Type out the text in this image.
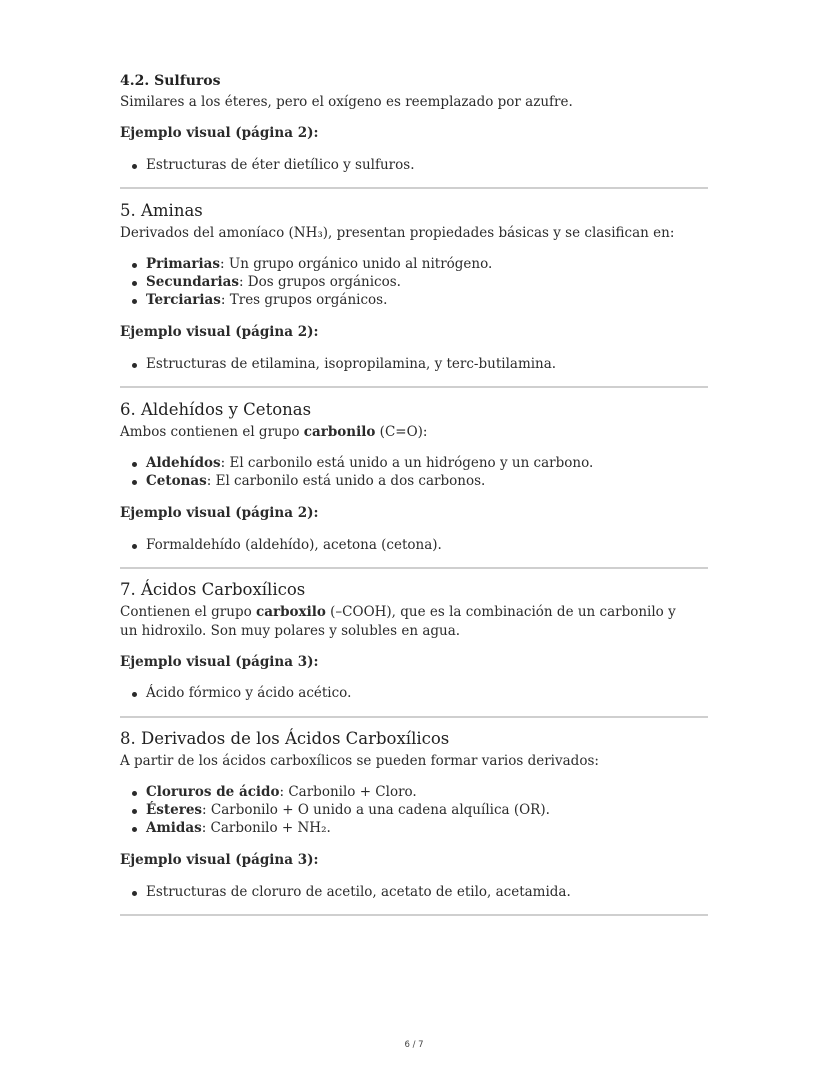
4.2. Sulfuros
Similares a los éteres, pero el oxígeno es reemplazado por azufre.
Ejemplo visual (página 2):
Estructuras de éter dietílico y sulfuros.
5. Aminas
Derivados del amoníaco (NH₃), presentan propiedades básicas y se clasifican en:
Primarias: Un grupo orgánico unido al nitrógeno.
Secundarias: Dos grupos orgánicos.
Terciarias: Tres grupos orgánicos.
Ejemplo visual (página 2):
Estructuras de etilamina, isopropilamina, y terc-butilamina.
6. Aldehídos y Cetonas
Ambos contienen el grupo carbonilo (C=O):
Aldehídos: El carbonilo está unido a un hidrógeno y un carbono.
Cetonas: El carbonilo está unido a dos carbonos.
Ejemplo visual (página 2):
Formaldehído (aldehído), acetona (cetona).
7. Ácidos Carboxílicos
Contienen el grupo carboxilo (–COOH), que es la combinación de un carbonilo y un hidroxilo. Son muy polares y solubles en agua.
Ejemplo visual (página 3):
Ácido fórmico y ácido acético.
8. Derivados de los Ácidos Carboxílicos
A partir de los ácidos carboxílicos se pueden formar varios derivados:
Cloruros de ácido: Carbonilo + Cloro.
Ésteres: Carbonilo + O unido a una cadena alquílica (OR).
Amidas: Carbonilo + NH₂.
Ejemplo visual (página 3):
Estructuras de cloruro de acetilo, acetato de etilo, acetamida.
6 / 7
